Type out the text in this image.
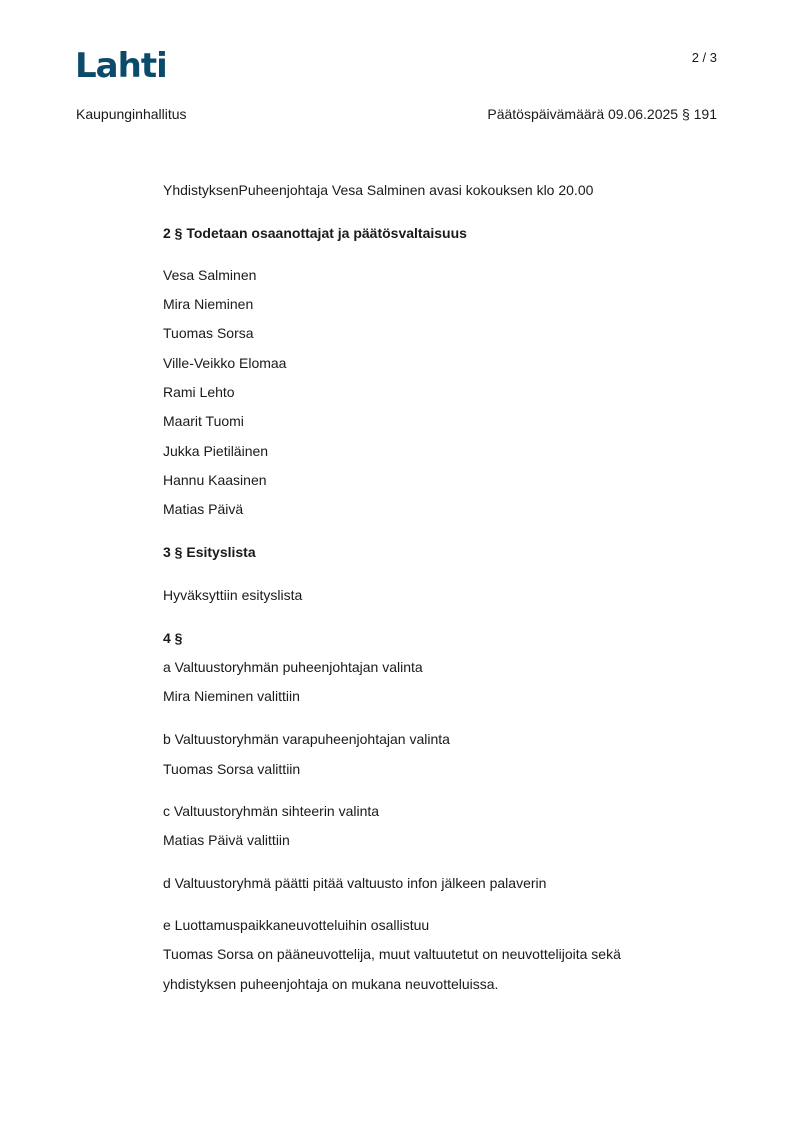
Lahti	2 / 3
Kaupunginhallitus	Päätöspäivämäärä 09.06.2025 § 191
YhdistyksenPuheenjohtaja Vesa Salminen avasi kokouksen klo 20.00
2 § Todetaan osaanottajat ja päätösvaltaisuus
Vesa Salminen
Mira Nieminen
Tuomas Sorsa
Ville-Veikko Elomaa
Rami Lehto
Maarit Tuomi
Jukka Pietiläinen
Hannu Kaasinen
Matias Päivä
3 § Esityslista
Hyväksyttiin esityslista
4 §
a Valtuustoryhmän puheenjohtajan valinta
Mira Nieminen valittiin
b Valtuustoryhmän varapuheenjohtajan valinta
Tuomas Sorsa valittiin
c Valtuustoryhmän sihteerin valinta
Matias Päivä valittiin
d Valtuustoryhmä päätti pitää valtuusto infon jälkeen palaverin
e Luottamuspaikkaneuvotteluihin osallistuu
Tuomas Sorsa on pääneuvottelija, muut valtuutetut on neuvottelijoita sekä
yhdistyksen puheenjohtaja on mukana neuvotteluissa.
